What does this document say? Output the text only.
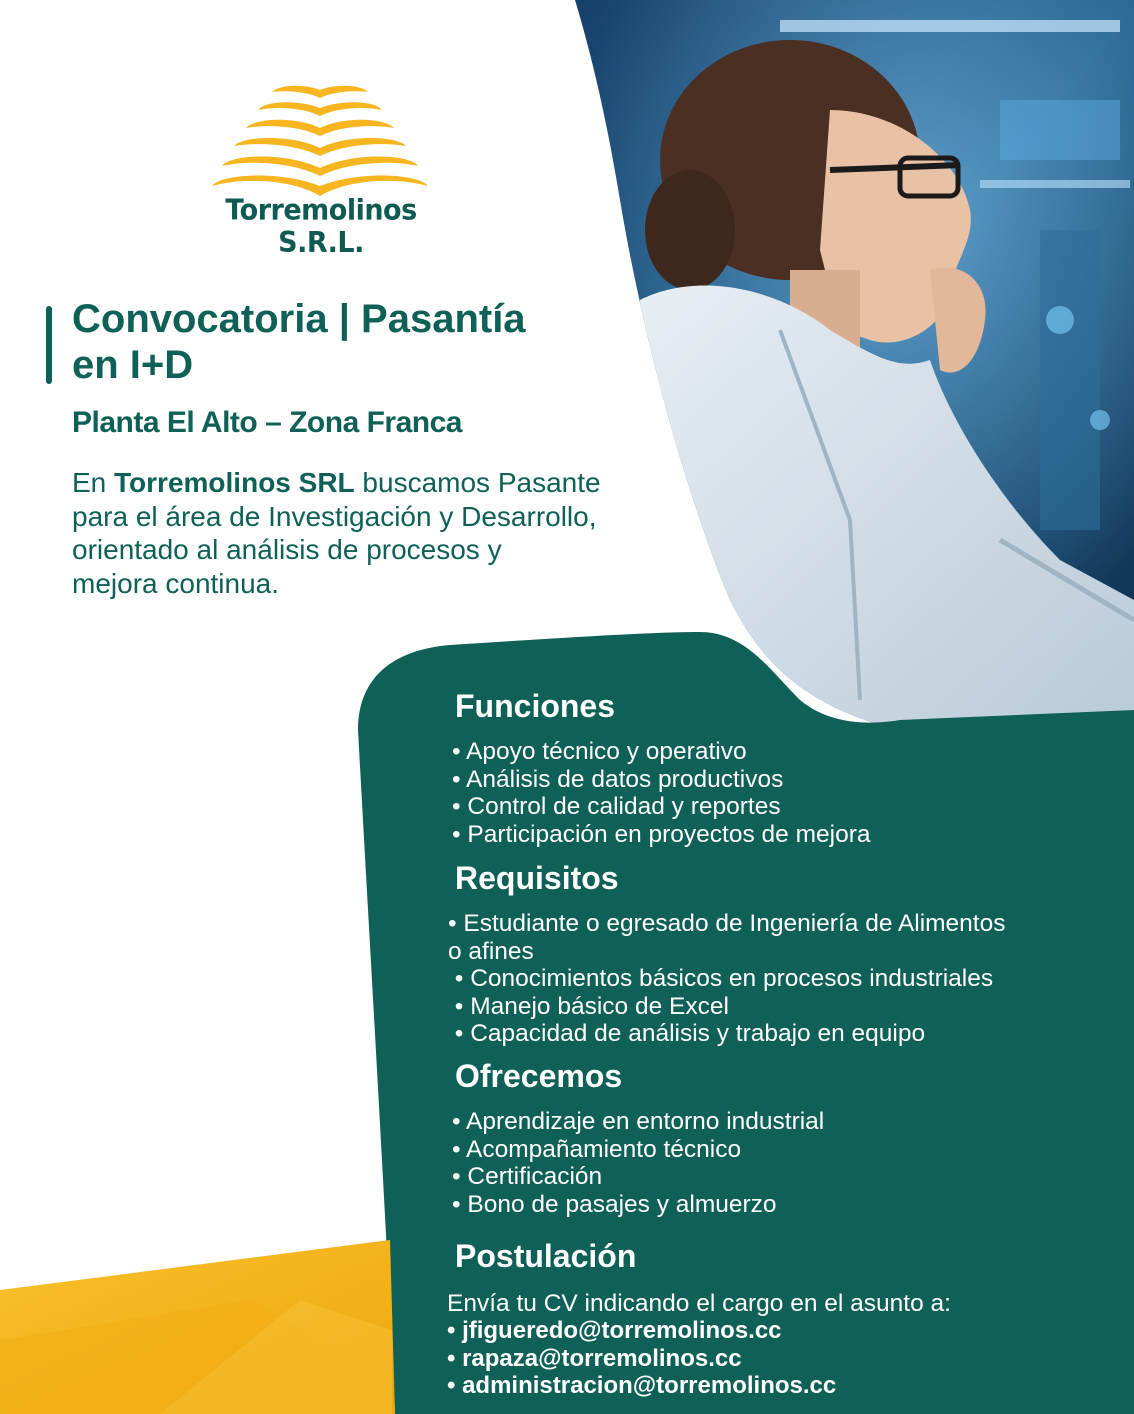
Torremolinos S.R.L.
Convocatoria | Pasantía
en I+D
Planta El Alto – Zona Franca

En Torremolinos SRL buscamos Pasante
para el área de Investigación y Desarrollo,
orientado al análisis de procesos y
mejora continua.

Funciones
• Apoyo técnico y operativo
• Análisis de datos productivos
• Control de calidad y reportes
• Participación en proyectos de mejora
Requisitos
• Estudiante o egresado de Ingeniería de Alimentos
o afines
• Conocimientos básicos en procesos industriales
• Manejo básico de Excel
• Capacidad de análisis y trabajo en equipo
Ofrecemos
• Aprendizaje en entorno industrial
• Acompañamiento técnico
• Certificación
• Bono de pasajes y almuerzo
Postulación

Envía tu CV indicando el cargo en el asunto a:

• jfigueredo@torremolinos.cc
• rapaza@torremolinos.cc
• administracion@torremolinos.cc
